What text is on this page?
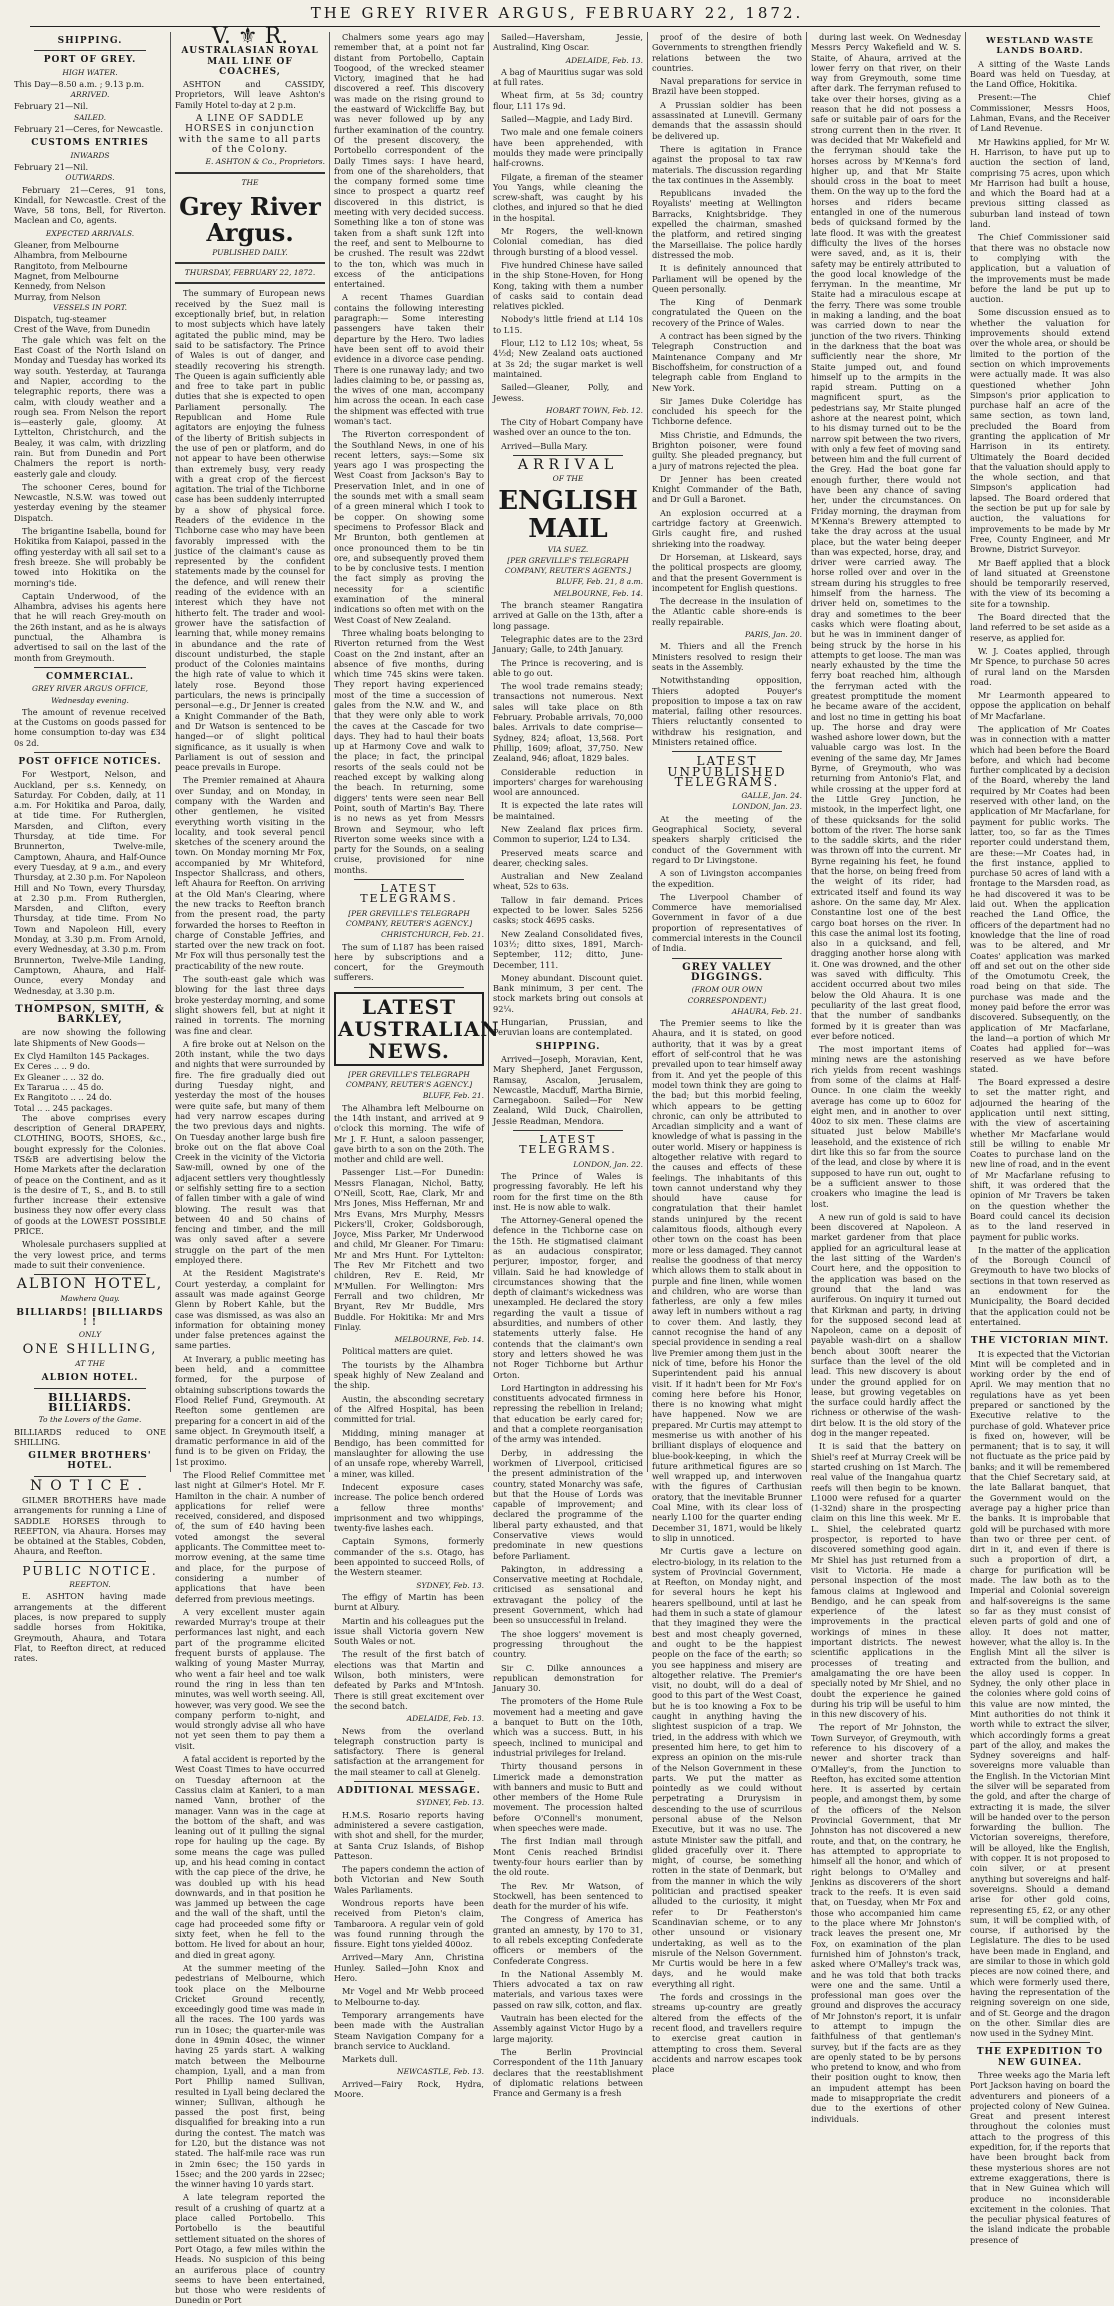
THE GREY RIVER ARGUS, FEBRUARY 22, 1872.
SHIPPING.
PORT OF GREY.
HIGH WATER.
This Day—8.50 a.m. ; 9.13 p.m.
ARRIVED.
February 21—Nil.
SAILED.
February 21—Ceres, for Newcastle.
CUSTOMS ENTRIES
INWARDS
February 21—Nil.
OUTWARDS.

February 21—Ceres, 91 tons, Kindall, for Newcastle. Crest of the Wave, 58 tons, Bell, for Riverton. Maclean and Co, agents.

EXPECTED ARRIVALS.
Gleaner, from Melbourne
Alhambra, from Melbourne
Rangitoto, from Melbourne
Magnet, from Melbourne
Kennedy, from Nelson
Murray, from Nelson
VESSELS IN PORT.
Dispatch, tug-steamer
Crest of the Wave, from Dunedin

The gale which was felt on the East Coast of the North Island on Monday and Tuesday has worked its way south. Yesterday, at Tauranga and Napier, according to the telegraphic reports, there was a calm, with cloudy weather and a rough sea. From Nelson the report is—easterly gale, gloomy. At Lyttelton, Christchurch, and the Bealey, it was calm, with drizzling rain. But from Dunedin and Port Chalmers the report is north-easterly gale and cloudy.

The schooner Ceres, bound for Newcastle, N.S.W. was towed out yesterday evening by the steamer Dispatch.

The brigantine Isabella, bound for Hokitika from Kaiapoi, passed in the offing yesterday with all sail set to a fresh breeze. She will probably be towed into Hokitika on the morning's tide.

Captain Underwood, of the Alhambra, advises his agents here that he will reach Grey-mouth on the 26th instant, and as he is always punctual, the Alhambra is advertised to sail on the last of the month from Greymouth.

COMMERCIAL.
GREY RIVER ARGUS OFFICE,
Wednesday evening.

The amount of revenue received at the Customs on goods passed for home consumption to-day was £34 0s 2d.

POST OFFICE NOTICES.

For Westport, Nelson, and Auckland, per s.s. Kennedy, on Saturday. For Cobden, daily, at 11 a.m. For Hokitika and Paroa, daily, at tide time. For Rutherglen, Marsden, and Clifton, every Thursday, at tide time. For Brunnerton, Twelve-mile, Camptown, Ahaura, and Half-Ounce every Tuesday, at 9 a.m., and every Thursday, at 2.30 p.m. For Napoleon Hill and No Town, every Thursday, at 2.30 p.m. From Rutherglen, Marsden, and Clifton, every Thursday, at tide time. From No Town and Napoleon Hill, every Monday, at 3.30 p.m. From Arnold, every Wednesday, at 3.30 p.m. From Brunnerton, Twelve-Mile Landing, Camptown, Ahaura, and Half-Ounce, every Monday and Wednesday, at 3.30 p.m.

THOMPSON, SMITH, & BARKLEY,

are now showing the following late Shipments of New Goods—

Ex Clyd Hamilton 145 Packages.
Ex Ceres .. .. 9 do.
Ex Gleaner .. .. 32 do.
Ex Tararua .. .. 45 do.
Ex Rangitoto .. .. 24 do.
Total .. .. 245 packages.

The above comprises every description of General DRAPERY, CLOTHING, BOOTS, SHOES, &c., bought expressly for the Colonies. TS&B are advertising below the Home Markets after the declaration of peace on the Continent, and as it is the desire of T., S., and B. to still further increase their extensive business they now offer every class of goods at the LOWEST POSSIBLE PRICE.

Wholesale purchasers supplied at the very lowest price, and terms made to suit their convenience.

ALBION HOTEL,
Mawhera Quay.
BILLIARDS! [BILLIARDS ! !
ONLY
ONE SHILLING,
AT THE
ALBION HOTEL.
BILLIARDS. BILLIARDS.
To the Lovers of the Game.
BILLIARDS reduced to ONE SHILLING.
GILMER BROTHERS' HOTEL.
NOTICE.

GILMER BROTHERS have made arrangements for running a Line of SADDLE HORSES through to REEFTON, via Ahaura. Horses may be obtained at the Stables, Cobden, Ahaura, and Reefton.

PUBLIC NOTICE.
REEFTON.

E. ASHTON having made arrangements at the different places, is now prepared to supply saddle horses from Hokitika, Greymouth, Ahaura, and Totara Flat, to Reefton direct, at reduced rates.

V. ⚜ R.
AUSTRALASIAN ROYAL MAIL LINE OF COACHES,

ASHTON and CASSIDY, Proprietors, Will leave Ashton's Family Hotel to-day at 2 p.m.

A LINE OF SADDLE HORSES in conjunction with the same to all parts of the Colony.
E. ASHTON & Co., Proprietors.
THE
Grey River Argus.
PUBLISHED DAILY.
THURSDAY, FEBRUARY 22, 1872.

The summary of European news received by the Suez mail is exceptionally brief, but, in relation to most subjects which have lately agitated the public mind, may be said to be satisfactory. The Prince of Wales is out of danger, and steadily recovering his strength. The Queen is again sufficiently able and free to take part in public duties that she is expected to open Parliament personally. The Republican and Home Rule agitators are enjoying the fulness of the liberty of British subjects in the use of pen or platform, and do not appear to have been otherwise than extremely busy, very ready with a great crop of the fiercest agitation. The trial of the Tichborne case has been suddenly interrupted by a show of physical force. Readers of the evidence in the Tichborne case who may have been favorably impressed with the justice of the claimant's cause as represented by the confident statements made by the counsel for the defence, and will renew their reading of the evidence with an interest which they have not hitherto felt. The trader and wool-grower have the satisfaction of learning that, while money remains in abundance and the rate of discount undisturbed, the staple product of the Colonies maintains the high rate of value to which it lately rose. Beyond those particulars, the news is principally personal—e.g., Dr Jenner is created a Knight Commander of the Bath, and Dr Watson is sentenced to be hanged—or of slight political significance, as it usually is when Parliament is out of session and peace prevails in Europe.

The Premier remained at Ahaura over Sunday, and on Monday, in company with the Warden and other gentlemen, he visited everything worth visiting in the locality, and took several pencil sketches of the scenery around the town. On Monday morning Mr Fox, accompanied by Mr Whiteford, Inspector Shallcrass, and others, left Ahaura for Reefton. On arriving at the Old Man's Clearing, where the new tracks to Reefton branch from the present road, the party forwarded the horses to Reefton in charge of Constable Jeffries, and started over the new track on foot. Mr Fox will thus personally test the practicability of the new route.

The south-east gale which was blowing for the last three days broke yesterday morning, and some slight showers fell, but at night it rained in torrents. The morning was fine and clear.

A fire broke out at Nelson on the 20th instant, while the two days and nights that were surrounded by fire. The fire gradually died out during Tuesday night, and yesterday the most of the houses were quite safe, but many of them had very narrow escapes during the two previous days and nights. On Tuesday another large bush fire broke out on the flat above Coal Creek in the vicinity of the Victoria Saw-mill, owned by one of the adjacent settlers very thoughtlessly or selfishly setting fire to a section of fallen timber with a gale of wind blowing. The result was that between 40 and 50 chains of fencing and timber, and the mill was only saved after a severe struggle on the part of the men employed there.

At the Resident Magistrate's Court yesterday, a complaint for assault was made against George Glenn by Robert Kahle, but the case was dismissed, as was also an information for obtaining money under false pretences against the same parties.

At Inverary, a public meeting has been held, and a committee formed, for the purpose of obtaining subscriptions towards the Flood Relief Fund, Greymouth. At Reefton some gentlemen are preparing for a concert in aid of the same object. In Greymouth itself, a dramatic performance in aid of the fund is to be given on Friday, the 1st proximo.

The Flood Relief Committee met last night at Gilmer's Hotel. Mr F. Hamilton in the chair. A number of applications for relief were received, considered, and disposed of, the sum of £40 having been voted amongst the several applicants. The Committee meet to-morrow evening, at the same time and place, for the purpose of considering a number of applications that have been deferred from previous meetings.

A very excellent muster again rewarded Murray's troupe at their performances last night, and each part of the programme elicited frequent bursts of applause. The walking of young Master Murray, who went a fair heel and toe walk round the ring in less than ten minutes, was well worth seeing. All, however, was very good. We see the company perform to-night, and would strongly advise all who have not yet seen them to pay them a visit.

A fatal accident is reported by the West Coast Times to have occurred on Tuesday afternoon at the Cassius claim at Kanieri, to a man named Vann, brother of the manager. Vann was in the cage at the bottom of the shaft, and was leaning out of it pulling the signal rope for hauling up the cage. By some means the cage was pulled up, and his head coming in contact with the cap piece of the drive, he was doubled up with his head downwards, and in that position he was jammed up between the cage and the wall of the shaft, until the cage had proceeded some fifty or sixty feet, when he fell to the bottom. He lived for about an hour, and died in great agony.

At the summer meeting of the pedestrians of Melbourne, which took place on the Melbourne Cricket Ground recently, exceedingly good time was made in all the races. The 100 yards was run in 10sec; the quarter-mile was done in 49min 40sec, the winner having 25 yards start. A walking match between the Melbourne champion, Lyall, and a man from Port Phillip named Sullivan, resulted in Lyall being declared the winner; Sullivan, although he passed the post first, being disqualified for breaking into a run during the contest. The match was for L20, but the distance was not stated. The half-mile race was run in 2min 6sec; the 150 yards in 15sec; and the 200 yards in 22sec; the winner having 10 yards start.

A late telegram reported the result of a crushing of quartz at a place called Portobello. This Portobello is the beautiful settlement situated on the shores of Port Otago, a few miles within the Heads. No suspicion of this being an auriferous place of country seems to have been entertained, but those who were residents of Dunedin or Port

Chalmers some years ago may remember that, at a point not far distant from Portobello, Captain Toogood, of the wrecked steamer Victory, imagined that he had discovered a reef. This discovery was made on the rising ground to the eastward of Wickcliffe Bay, but was never followed up by any further examination of the country. Of the present discovery, the Portobello correspondent of the Daily Times says: I have heard, from one of the shareholders, that the company formed some time since to prospect a quartz reef discovered in this district, is meeting with very decided success. Something like a ton of stone was taken from a shaft sunk 12ft into the reef, and sent to Melbourne to be crushed. The result was 22dwt to the ton, which was much in excess of the anticipations entertained.

A recent Thames Guardian contains the following interesting paragraph:— Some interesting passengers have taken their departure by the Hero. Two ladies have been sent off to avoid their evidence in a divorce case pending. There is one runaway lady; and two ladies claiming to be, or passing as, the wives of one man, accompany him across the ocean. In each case the shipment was effected with true woman's tact.

The Riverton correspondent of the Southland News, in one of his recent letters, says:—Some six years ago I was prospecting the West Coast from Jackson's Bay to Preservation Inlet, and in one of the sounds met with a small seam of a green mineral which I took to be copper. On showing some specimens to Professor Black and Mr Brunton, both gentlemen at once pronounced them to be tin ore, and subsequently proved them to be by conclusive tests. I mention the fact simply as proving the necessity for a scientific examination of the mineral indications so often met with on the West Coast of New Zealand.

Three whaling boats belonging to Riverton returned from the West Coast on the 2nd instant, after an absence of five months, during which time 745 skins were taken. They report having experienced most of the time a succession of gales from the N.W. and W., and that they were only able to work the caves at the Cascade for two days. They had to haul their boats up at Harmony Cove and walk to the place; in fact, the principal resorts of the seals could not be reached except by walking along the beach. In returning, some diggers' tents were seen near Bell Point, south of Martin's Bay. There is no news as yet from Messrs Brown and Seymour, who left Riverton some weeks since with a party for the Sounds, on a sealing cruise, provisioned for nine months.

LATEST TELEGRAMS.
[PER GREVILLE'S TELEGRAPH COMPANY, REUTER'S AGENCY.]
CHRISTCHURCH, Feb. 21.

The sum of L187 has been raised here by subscriptions and a concert, for the Greymouth sufferers.

LATEST AUSTRALIAN NEWS.
[PER GREVILLE'S TELEGRAPH COMPANY, REUTER'S AGENCY.]
BLUFF, Feb. 21.

The Alhambra left Melbourne on the 14th instant, and arrived at 9 o'clock this morning. The wife of Mr J. F. Hunt, a saloon passenger, gave birth to a son on the 20th. The mother and child are well.

Passenger List.—For Dunedin: Messrs Flanagan, Nichol, Batty, O'Neill, Scott, Rae, Clark, Mr and Mrs Jones, Miss Heffernan, Mr and Mrs Evans, Mrs Murphy, Messrs Pickers'll, Croker, Goldsborough, Joyce, Miss Parker, Mr Underwood and child, Mr Gleaner. For Timaru: Mr and Mrs Hunt. For Lyttelton: The Rev Mr Fitchett and two children, Rev E. Reid, Mr M'Mullen. For Wellington: Mrs Ferrall and two children, Mr Bryant, Rev Mr Buddle, Mrs Buddle. For Hokitika: Mr and Mrs Finlay.

MELBOURNE, Feb. 14.

Political matters are quiet.

The tourists by the Alhambra speak highly of New Zealand and the ship.

Austin, the absconding secretary of the Alfred Hospital, has been committed for trial.

Midding, mining manager at Bendigo, has been committed for manslaughter for allowing the use of an unsafe rope, whereby Warrell, a miner, was killed.

Indecent exposure cases increase. The police bench ordered a fellow three months' imprisonment and two whippings, twenty-five lashes each.

Captain Symons, formerly commander of the s.s. Otago, has been appointed to succeed Rolls, of the Western steamer.

SYDNEY, Feb. 13.

The effigy of Martin has been burnt at Albury.

Martin and his colleagues put the issue shall Victoria govern New South Wales or not.

The result of the first batch of elections was that Martin and Wilson, both ministers, were defeated by Parks and M'Intosh. There is still great excitement over the second batch.

ADELAIDE, Feb. 13.

News from the overland telegraph construction party is satisfactory. There is general satisfaction at the arrangement for the mail steamer to call at Glenelg.

ADDITIONAL MESSAGE.
SYDNEY, Feb. 13.

H.M.S. Rosario reports having administered a severe castigation, with shot and shell, for the murder, at Santa Cruz Islands, of Bishop Patteson.

The papers condemn the action of both Victorian and New South Wales Parliaments.

Wondrous reports have been received from Pieton's claim, Tambaroora. A regular vein of gold was found running through the fissure. Eight tons yielded 400oz.

Arrived—Mary Ann, Christina Hunley. Sailed—John Knox and Hero.

Mr Vogel and Mr Webb proceed to Melbourne to-day.

Temporary arrangements have been made with the Australian Steam Navigation Company for a branch service to Auckland.

Markets dull.

NEWCASTLE, Feb. 13.

Arrived—Fairy Rock, Hydra, Moore.

Sailed—Haversham, Jessie, Australind, King Oscar.

ADELAIDE, Feb. 13.

A bag of Mauritius sugar was sold at full rates.

Wheat firm, at 5s 3d; country flour, L11 17s 9d.

Sailed—Magpie, and Lady Bird.

Two male and one female coiners have been apprehended, with moulds they made were principally half-crowns.

Filgate, a fireman of the steamer You Yangs, while cleaning the screw-shaft, was caught by his clothes, and injured so that he died in the hospital.

Mr Rogers, the well-known Colonial comedian, has died through bursting of a blood vessel.

Five hundred Chinese have sailed in the ship Stone-Hoven, for Hong Kong, taking with them a number of casks said to contain dead relatives pickled.

Nobody's little friend at L14 10s to L15.

Flour, L12 to L12 10s; wheat, 5s 4½d; New Zealand oats auctioned at 3s 2d; the sugar market is well maintained.

Sailed—Gleaner, Polly, and Jewess.

HOBART TOWN, Feb. 12.

The City of Hobart Company have washed over an ounce to the ton.

Arrived—Bulla Mary.

ARRIVAL
OF THE
ENGLISH MAIL
VIA SUEZ.
[PER GREVILLE'S TELEGRAPH COMPANY, REUTER'S AGENTS.]
BLUFF, Feb. 21, 8 a.m.
MELBOURNE, Feb. 14.

The branch steamer Rangatira arrived at Galle on the 13th, after a long passage.

Telegraphic dates are to the 23rd January; Galle, to 24th January.

The Prince is recovering, and is able to go out.

The wool trade remains steady; transactions not numerous. Next sales will take place on 8th February. Probable arrivals, 70,000 bales. Arrivals to date comprise—Sydney, 824; afloat, 13,568. Port Phillip, 1609; afloat, 37,750. New Zealand, 946; afloat, 1829 bales.

Considerable reduction in importers' charges for warehousing wool are announced.

It is expected the late rates will be maintained.

New Zealand flax prices firm. Common to superior, L24 to L34.

Preserved meats scarce and dearer, checking sales.

Australian and New Zealand wheat, 52s to 63s.

Tallow in fair demand. Prices expected to be lower. Sales 5256 casks; stock 4695 casks.

New Zealand Consolidated fives, 103½; ditto sixes, 1891, March-September, 112; ditto, June-December, 111.

Money abundant. Discount quiet. Bank minimum, 3 per cent. The stock markets bring out consols at 92¼.

Hungarian, Prussian, and Peruvian loans are contemplated.

SHIPPING.

Arrived—Joseph, Moravian, Kent, Mary Shepherd, Janet Fergusson, Ramsay, Ascalon, Jerusalem, Newcastle, Macduff, Martha Birnie, Carnegaboon. Sailed—For New Zealand, Wild Duck, Chairollen, Jessie Readman, Mendora.

LATEST TELEGRAMS.
LONDON, Jan. 22.

The Prince of Wales is progressing favorably. He left his room for the first time on the 8th inst. He is now able to walk.

The Attorney-General opened the defence in the Tichborne case on the 15th. He stigmatised claimant as an audacious conspirator, perjurer, impostor, forger, and villain. Said he had knowledge of circumstances showing that the depth of claimant's wickedness was unexampled. He declared the story regarding the vault a tissue of absurdities, and numbers of other statements utterly false. He contends that the claimant's own story and letters showed he was not Roger Tichborne but Arthur Orton.

Lord Hartington in addressing his constituents advocated firmness in repressing the rebellion in Ireland; that education be early cared for; and that a complete reorganisation of the army was intended.

Derby, in addressing the workmen of Liverpool, criticised the present administration of the country, stated Monarchy was safe, but that the House of Lords was capable of improvement; and declared the programme of the liberal party exhausted, and that Conservative views would predominate in new questions before Parliament.

Pakington, in addressing a Conservative meeting at Rochdale, criticised as sensational and extravagant the policy of the present Government, which had been so unsuccessful in Ireland.

The shoe loggers' movement is progressing throughout the country.

Sir C. Dilke announces a republican demonstration for January 30.

The promoters of the Home Rule movement had a meeting and gave a banquet to Butt on the 10th, which was a success. Butt, in his speech, inclined to municipal and industrial privileges for Ireland.

Thirty thousand persons in Limerick made a demonstration with banners and music to Butt and other members of the Home Rule movement. The procession halted before O'Connell's monument, when speeches were made.

The first Indian mail through Mont Cenis reached Brindisi twenty-four hours earlier than by the old route.

The Rev. Mr Watson, of Stockwell, has been sentenced to death for the murder of his wife.

The Congress of America has granted an amnesty, by 170 to 31, to all rebels excepting Confederate officers or members of the Confederate Congress.

In the National Assembly M. Thiers advocated a tax on raw materials, and various taxes were passed on raw silk, cotton, and flax.

Vautrain has been elected for the Assembly against Victor Hugo by a large majority.

The Berlin Provincial Correspondent of the 11th January declares that the reestablishment of diplomatic relations between France and Germany is a fresh

proof of the desire of both Governments to strengthen friendly relations between the two countries.

Naval preparations for service in Brazil have been stopped.

A Prussian soldier has been assassinated at Lunevill. Germany demands that the assassin should be delivered up.

There is agitation in France against the proposal to tax raw materials. The discussion regarding the tax continues in the Assembly.

Republicans invaded the Royalists' meeting at Wellington Barracks, Knightsbridge. They expelled the chairman, smashed the platform, and retired singing the Marseillaise. The police hardly distressed the mob.

It is definitely announced that Parliament will be opened by the Queen personally.

The King of Denmark congratulated the Queen on the recovery of the Prince of Wales.

A contract has been signed by the Telegraph Construction and Maintenance Company and Mr Bischoffsheim, for construction of a telegraph cable from England to New York.

Sir James Duke Coleridge has concluded his speech for the Tichborne defence.

Miss Christie, and Edmunds, the Brighton poisoner, were found guilty. She pleaded pregnancy, but a jury of matrons rejected the plea.

Dr Jenner has been created Knight Commander of the Bath, and Dr Gull a Baronet.

An explosion occurred at a cartridge factory at Greenwich. Girls caught fire, and rushed shrieking into the roadway.

Dr Horseman, at Liskeard, says the political prospects are gloomy, and that the present Government is incompetent for English questions.

The decrease in the insulation of the Atlantic cable shore-ends is really repairable.

PARIS, Jan. 20.

M. Thiers and all the French Ministers resolved to resign their seats in the Assembly.

Notwithstanding opposition, Thiers adopted Pouyer's proposition to impose a tax on raw material, failing other resources. Thiers reluctantly consented to withdraw his resignation, and Ministers retained office.

LATEST UNPUBLISHED TELEGRAMS.
GALLE, Jan. 24.
LONDON, Jan. 23.

At the meeting of the Geographical Society, several speakers sharply criticised the conduct of the Government with regard to Dr Livingstone.

A son of Livingston accompanies the expedition.

The Liverpool Chamber of Commerce have memorialised Government in favor of a due proportion of representatives of commercial interests in the Council of India.

GREY VALLEY DIGGINGS.
(FROM OUR OWN CORRESPONDENT.)
AHAURA, Feb. 21.

The Premier seems to like the Ahaura, and it is stated, on good authority, that it was by a great effort of self-control that he was prevailed upon to tear himself away from it. And yet the people of this model town think they are going to the bad; but this morbid feeling, which appears to be getting chronic, can only be attributed to Arcadian simplicity and a want of knowledge of what is passing in the outer world. Misery or happiness is altogether relative with regard to the causes and effects of these feelings. The inhabitants of this town cannot understand why they should have cause for congratulation that their hamlet stands uninjured by the recent calamitous floods, although every other town on the coast has been more or less damaged. They cannot realise the goodness of that mercy which allows them to stalk about in purple and fine linen, while women and children, who are worse than fatherless, are only a few miles away left in numbers without a rag to cover them. And lastly, they cannot recognise the hand of any special providence in sending a real live Premier among them just in the nick of time, before his Honor the Superintendent paid his annual visit. If it hadn't been for Mr Fox's coming here before his Honor, there is no knowing what might have happened. Now we are prepared. Mr Curtis may attempt to mesmerise us with another of his brilliant displays of eloquence and blue-book-keeping, in which the future arithmetical figures are so well wrapped up, and interwoven with the figures of Carthusian oratory, that the inevitable Brunner Coal Mine, with its clear loss of nearly L100 for the quarter ending December 31, 1871, would be likely to slip in unnoticed.

Mr Curtis gave a lecture on electro-biology, in its relation to the system of Provincial Government, at Reefton, on Monday night, and for several hours he kept his hearers spellbound, until at last he had them in such a state of glamour that they imagined they were the best and most cheaply governed, and ought to be the happiest people on the face of the earth; so you see happiness and misery are altogether relative. The Premier's visit, no doubt, will do a deal of good to this part of the West Coast, but he is too knowing a Fox to be caught in anything having the slightest suspicion of a trap. We tried, in the address with which we presented him here, to get him to express an opinion on the mis-rule of the Nelson Government in these parts. We put the matter as pointedly as we could without perpetrating a Drurysism in descending to the use of scurrilous personal abuse of the Nelson Executive, but it was no use. The astute Minister saw the pitfall, and glided gracefully over it. There might, of course, be something rotten in the state of Denmark, but from the manner in which the wily politician and practised speaker alluded to the curiosity, it might refer to Dr Featherston's Scandinavian scheme, or to any other unsound or visionary undertaking, as well as to the misrule of the Nelson Government. Mr Curtis would be here in a few days, and he would make everything all right.

The fords and crossings in the streams up-country are greatly altered from the effects of the recent flood, and travellers require to exercise great caution in attempting to cross them. Several accidents and narrow escapes took place

during last week. On Wednesday Messrs Percy Wakefield and W. S. Staite, of Ahaura, arrived at the lower ferry on that river, on their way from Greymouth, some time after dark. The ferryman refused to take over their horses, giving as a reason that he did not possess a safe or suitable pair of oars for the strong current then in the river. It was decided that Mr Wakefield and the ferryman should take the horses across by M'Kenna's ford higher up, and that Mr Staite should cross in the boat to meet them. On the way up to the ford the horses and riders became entangled in one of the numerous beds of quicksand formed by the late flood. It was with the greatest difficulty the lives of the horses were saved, and, as it is, their safety may be entirely attributed to the good local knowledge of the ferryman. In the meantime, Mr Staite had a miraculous escape at the ferry. There was some trouble in making a landing, and the boat was carried down to near the junction of the two rivers. Thinking in the darkness that the boat was sufficiently near the shore, Mr Staite jumped out, and found himself up to the armpits in the rapid stream. Putting on a magnificent spurt, as the pedestrians say, Mr Staite plunged ashore at the nearest point, which to his dismay turned out to be the narrow spit between the two rivers, with only a few feet of moving sand between him and the full current of the Grey. Had the boat gone far enough further, there would not have been any chance of saving her, under the circumstances. On Friday morning, the drayman from M'Kenna's Brewery attempted to take the dray across at the usual place, but the water being deeper than was expected, horse, dray, and driver were carried away. The horse rolled over and over in the stream during his struggles to free himself from the harness. The driver held on, sometimes to the dray and sometimes to the beer casks which were floating about, but he was in imminent danger of being struck by the horse in his attempts to get loose. The man was nearly exhausted by the time the ferry boat reached him, although the ferryman acted with the greatest promptitude the moment he became aware of the accident, and lost no time in getting his boat up. The horse and dray were washed ashore lower down, but the valuable cargo was lost. In the evening of the same day, Mr James Byrne, of Greymouth, who was returning from Antonio's Flat, and while crossing at the upper ford at the Little Grey Junction, he mistook, in the imperfect light, one of these quicksands for the solid bottom of the river. The horse sank to the saddle skirts, and the rider was thrown off into the current. Mr Byrne regaining his feet, he found that the horse, on being freed from the weight of its rider, had extricated itself and found its way ashore. On the same day, Mr Alex. Constantine lost one of the best cargo boat horses on the river. In this case the animal lost its footing, also in a quicksand, and fell, dragging another horse along with it. One was drowned, and the other was saved with difficulty. This accident occurred about two miles below the Old Ahaura. It is one peculiarity of the last great flood, that the number of sandbanks formed by it is greater than was ever before noticed.

The most important items of mining news are the astonishing rich yields from recent washings from some of the claims at Half-Ounce. In one claim the weekly average has come up to 60oz for eight men, and in another to over 40oz to six men. These claims are situated just below Mabille's leasehold, and the existence of rich dirt like this so far from the source of the lead, and close by where it is supposed to have run out, ought to be a sufficient answer to those croakers who imagine the lead is lost.

A new run of gold is said to have been discovered at Napoleon. A market gardener from that place applied for an agricultural lease at the last sitting of the Warden's Court here, and the opposition to the application was based on the ground that the land was auriferous. On inquiry it turned out that Kirkman and party, in driving for the supposed second lead at Napoleon, came on a deposit of payable wash-dirt on a shallow bench about 300ft nearer the surface than the level of the old lead. This new discovery is about under the ground applied for on lease, but growing vegetables on the surface could hardly affect the richness or otherwise of the wash-dirt below. It is the old story of the dog in the manger repeated.

It is said that the battery on Shiel's reef at Murray Creek will be started crushing on 1st March. The real value of the Inangahua quartz reefs will then begin to be known. L1000 were refused for a quarter (1-32nd) share in the prospecting claim on this line this week. Mr E. L. Shiel, the celebrated quartz prospector, is reported to have discovered something good again. Mr Shiel has just returned from a visit to Victoria. He made a personal inspection of the most famous claims at Inglewood and Bendigo, and he can speak from experience of the latest improvements in the practical workings of mines in these important districts. The newest scientific applications in the processes of treating and amalgamating the ore have been specially noted by Mr Shiel, and no doubt the experience he gained during his trip will be useful to him in this new discovery of his.

The report of Mr Johnston, the Town Surveyor, of Greymouth, with reference to his discovery of a newer and shorter track than O'Malley's, from the Junction to Reefton, has excited some attention here. It is asserted by certain people, and amongst them, by some of the officers of the Nelson Provincial Government, that Mr Johnston has not discovered a new route, and that, on the contrary, he has attempted to appropriate to himself all the honor, and which of right belongs to O'Malley and Jenkins as discoverers of the short track to the reefs. It is even said that, on Tuesday, when Mr Fox and those who accompanied him came to the place where Mr Johnston's track leaves the present one, Mr Fox, on examination of the plan furnished him of Johnston's track, asked where O'Malley's track was, and he was told that both tracks were one and the same. Until a professional man goes over the ground and disproves the accuracy of Mr Johnston's report, it is unfair to attempt to impugn the faithfulness of that gentleman's survey, but if the facts are as they are openly stated to be by persons who pretend to know, and who from their position ought to know, then an impudent attempt has been made to misappropriate the credit due to the exertions of other individuals.

WESTLAND WASTE LANDS BOARD.

A sitting of the Waste Lands Board was held on Tuesday, at the Land Office, Hokitika.

Present:—The Chief Commissioner, Messrs Hoos, Lahman, Evans, and the Receiver of Land Revenue.

Mr Hawkins applied, for Mr W. H. Harrison, to have put up to auction the section of land, comprising 75 acres, upon which Mr Harrison had built a house, and which the Board had at a previous sitting classed as suburban land instead of town land.

The Chief Commissioner said that there was no obstacle now to complying with the application, but a valuation of the improvements must be made before the land be put up to auction.

Some discussion ensued as to whether the valuation for improvements should extend over the whole area, or should be limited to the portion of the section on which improvements were actually made. It was also questioned whether John Simpson's prior application to purchase half an acre of the same section, as town land, precluded the Board from granting the application of Mr Harrison in its entirety. Ultimately the Board decided that the valuation should apply to the whole section, and that Simpson's application had lapsed. The Board ordered that the section be put up for sale by auction, the valuations for improvements to be made by Mr Free, County Engineer, and Mr Browne, District Surveyor.

Mr Baeff applied that a block of land situated at Greenstone should be temporarily reserved, with the view of its becoming a site for a township.

The Board directed that the land referred to be set aside as a reserve, as applied for.

W. J. Coates applied, through Mr Spence, to purchase 50 acres of rural land on the Marsden road.

Mr Learmonth appeared to oppose the application on behalf of Mr Macfarlane.

The application of Mr Coates was in connection with a matter which had been before the Board before, and which had become further complicated by a decision of the Board, whereby the land required by Mr Coates had been reserved with other land, on the application of Mr Macfarlane, for payment for public works. The latter, too, so far as the Times reporter could understand them, are these:—Mr Coates had, in the first instance, applied to purchase 50 acres of land with a frontage to the Marsden road, as he had discovered it was to be laid out. When the application reached the Land Office, the officers of the department had no knowledge that the line of road was to be altered, and Mr Coates' application was marked off and set out on the other side of the Omotumotu Creek, the road being on that side. The purchase was made and the money paid before the error was discovered. Subsequently, on the application of Mr Macfarlane, the land—a portion of which Mr Coates had applied for—was reserved as we have before stated.

The Board expressed a desire to set the matter right, and adjourned the hearing of the application until next sitting, with the view of ascertaining whether Mr Macfarlane would still be willing to enable Mr Coates to purchase land on the new line of road, and in the event of Mr Macfarlane refusing to shift, it was ordered that the opinion of Mr Travers be taken on the question whether the Board could cancel its decision as to the land reserved in payment for public works.

In the matter of the application of the Borough Council of Greymouth to have two blocks of sections in that town reserved as an endowment for the Municipality, the Board decided that the application could not be entertained.

THE VICTORIAN MINT.

It is expected that the Victorian Mint will be completed and in working order by the end of April. We may mention that no regulations have as yet been prepared or sanctioned by the Executive relative to the purchase of gold. Whatever price is fixed on, however, will be permanent; that is to say, it will not fluctuate as the price paid by banks; and it will be remembered that the Chief Secretary said, at the late Ballarat banquet, that the Government would on the average pay a higher price than the banks. It is improbable that gold will be purchased with more than two or three per cent. of dirt in it, and even if there is such a proportion of dirt, a charge for purification will be made. The law both as to the Imperial and Colonial sovereign and half-sovereigns is the same so far as they must consist of eleven parts of gold and one of alloy. It does not matter, however, what the alloy is. In the English Mint all the silver is extracted from the bullion, and the alloy used is copper. In Sydney, the only other place in the colonies where gold coins of this value are now minted, the Mint authorities do not think it worth while to extract the silver, which accordingly forms a great part of the alloy, and makes the Sydney sovereigns and half-sovereigns more valuable than the English. In the Victorian Mint the silver will be separated from the gold, and after the charge of extracting it is made, the silver will be handed over to the person forwarding the bullion. The Victorian sovereigns, therefore, will be alloyed, like the English, with copper. It is not proposed to coin silver, or at present anything but sovereigns and half-sovereigns. Should a demand arise for other gold coins, representing £5, £2, or any other sum, it will be complied with, of course, if authorised by the Legislature. The dies to be used have been made in England, and are similar to those in which gold pieces are now coined there, and which were formerly used there, having the representation of the reigning sovereign on one side, and of St. George and the dragon on the other. Similar dies are now used in the Sydney Mint.

THE EXPEDITION TO NEW GUINEA.

Three weeks ago the Maria left Port Jackson having on board the adventurers and pioneers of a projected colony of New Guinea. Great and present interest throughout the colonies must attach to the progress of this expedition, for, if the reports that have been brought back from these mysterious shores are not extreme exaggerations, there is that in New Guinea which will produce no inconsiderable excitement in the colonies. That the peculiar physical features of the island indicate the probable presence of
